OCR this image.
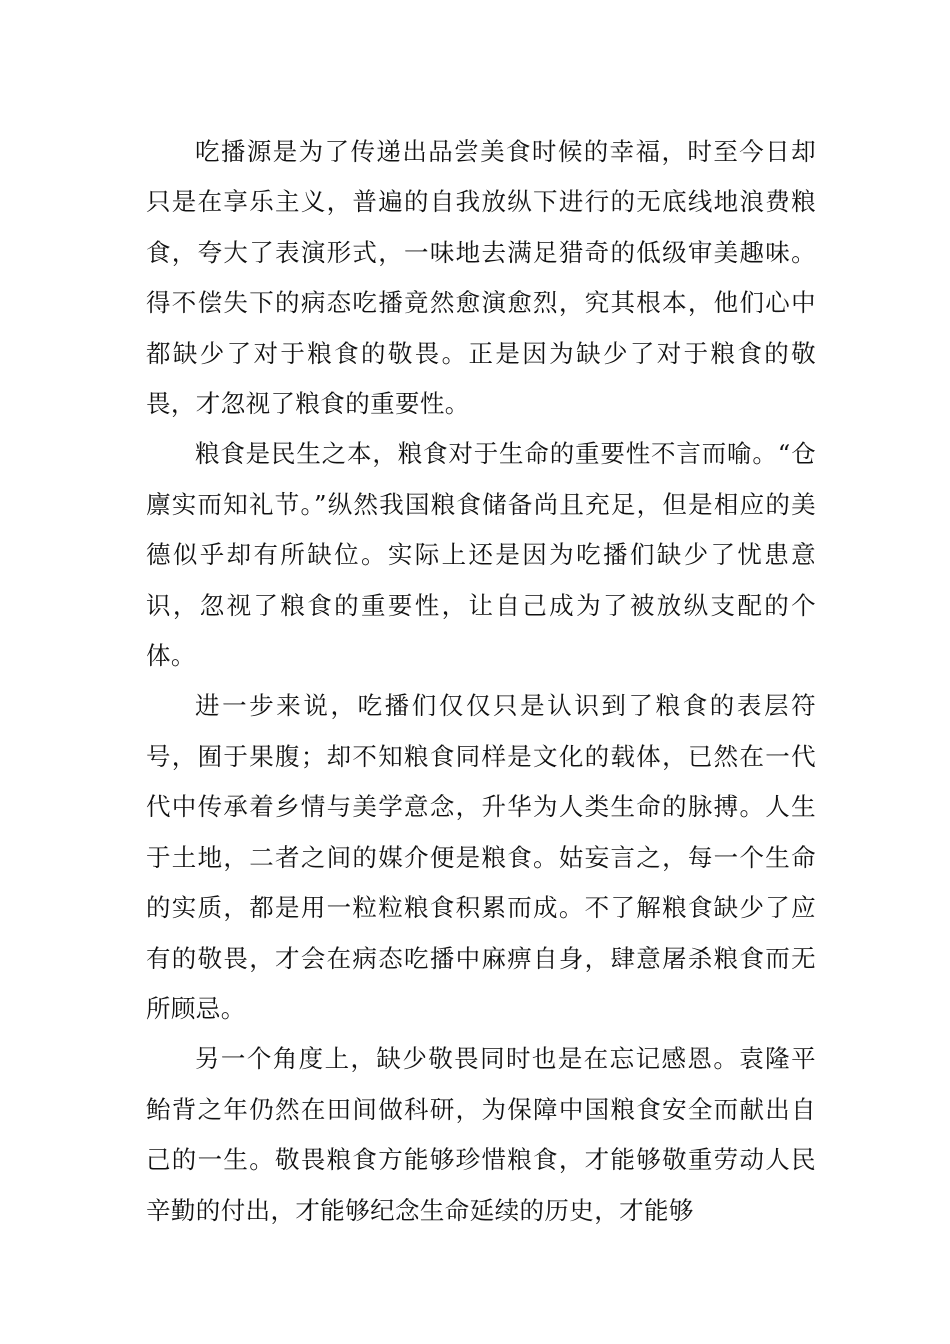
吃播源是为了传递出品尝美食时候的幸福，时至今日却只是在享乐主义，普遍的自我放纵下进行的无底线地浪费粮食，夸大了表演形式，一味地去满足猎奇的低级审美趣味。得不偿失下的病态吃播竟然愈演愈烈，究其根本，他们心中都缺少了对于粮食的敬畏。正是因为缺少了对于粮食的敬畏，才忽视了粮食的重要性。

粮食是民生之本，粮食对于生命的重要性不言而喻。“仓廪实而知礼节。”纵然我国粮食储备尚且充足，但是相应的美德似乎却有所缺位。实际上还是因为吃播们缺少了忧患意识，忽视了粮食的重要性，让自己成为了被放纵支配的个体。

进一步来说，吃播们仅仅只是认识到了粮食的表层符号，囿于果腹；却不知粮食同样是文化的载体，已然在一代代中传承着乡情与美学意念，升华为人类生命的脉搏。人生于土地，二者之间的媒介便是粮食。姑妄言之，每一个生命的实质，都是用一粒粒粮食积累而成。不了解粮食缺少了应有的敬畏，才会在病态吃播中麻痹自身，肆意屠杀粮食而无所顾忌。

另一个角度上，缺少敬畏同时也是在忘记感恩。袁隆平鲐背之年仍然在田间做科研，为保障中国粮食安全而献出自己的一生。敬畏粮食方能够珍惜粮食，才能够敬重劳动人民辛勤的付出，才能够纪念生命延续的历史，才能够
